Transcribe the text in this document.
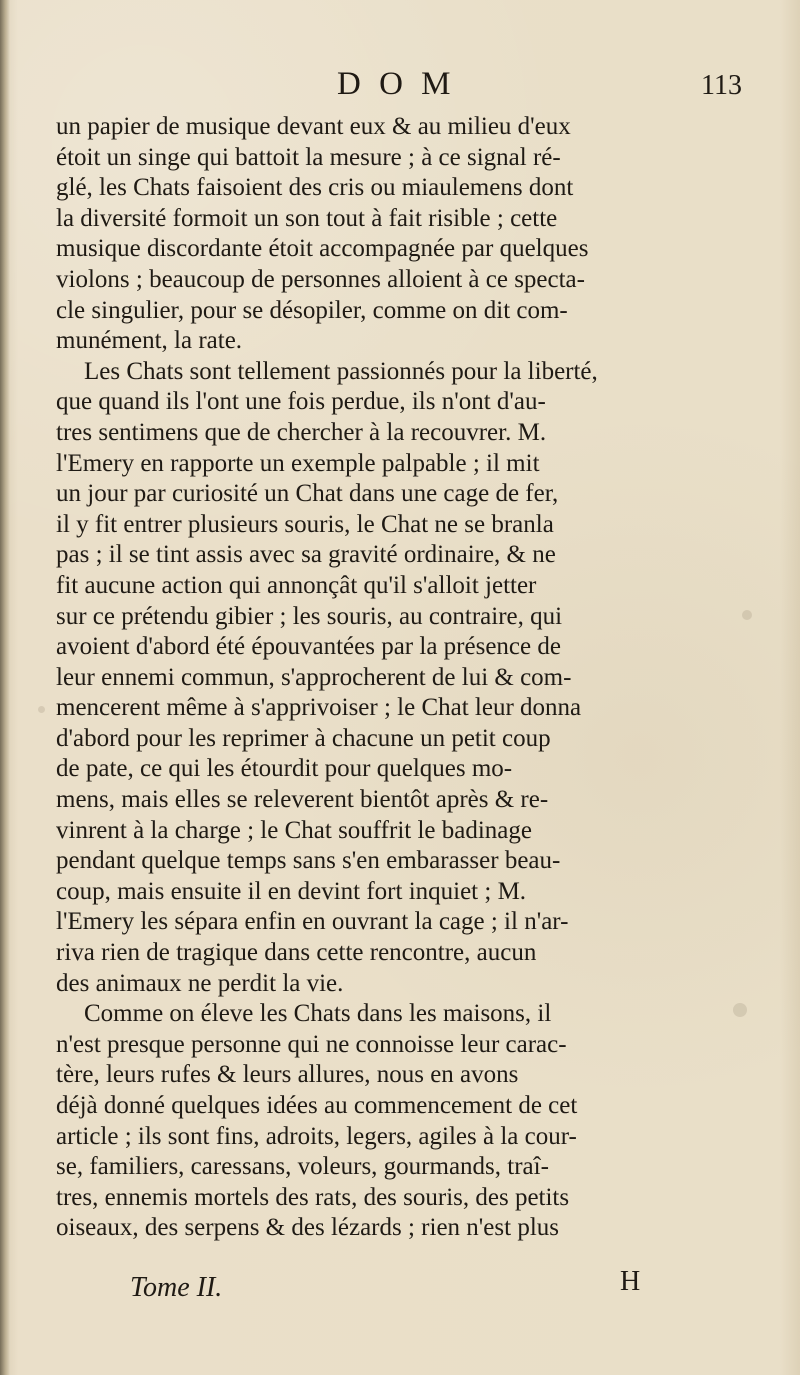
D O M	113
un papier de musique devant eux & au milieu d'eux
étoit un singe qui battoit la mesure ; à ce signal ré-
glé, les Chats faisoient des cris ou miaulemens dont
la diversité formoit un son tout à fait risible ; cette
musique discordante étoit accompagnée par quelques
violons ; beaucoup de personnes alloient à ce specta-
cle singulier, pour se désopiler, comme on dit com-
munément, la rate.
Les Chats sont tellement passionnés pour la liberté,
que quand ils l'ont une fois perdue, ils n'ont d'au-
tres sentimens que de chercher à la recouvrer. M.
l'Emery en rapporte un exemple palpable ; il mit
un jour par curiosité un Chat dans une cage de fer,
il y fit entrer plusieurs souris, le Chat ne se branla
pas ; il se tint assis avec sa gravité ordinaire, & ne
fit aucune action qui annonçât qu'il s'alloit jetter
sur ce prétendu gibier ; les souris, au contraire, qui
avoient d'abord été épouvantées par la présence de
leur ennemi commun, s'approcherent de lui & com-
mencerent même à s'apprivoiser ; le Chat leur donna
d'abord pour les reprimer à chacune un petit coup
de pate, ce qui les étourdit pour quelques mo-
mens, mais elles se releverent bientôt après & re-
vinrent à la charge ; le Chat souffrit le badinage
pendant quelque temps sans s'en embarasser beau-
coup, mais ensuite il en devint fort inquiet ; M.
l'Emery les sépara enfin en ouvrant la cage ; il n'ar-
riva rien de tragique dans cette rencontre, aucun
des animaux ne perdit la vie.
Comme on éleve les Chats dans les maisons, il
n'est presque personne qui ne connoisse leur carac-
tère, leurs rufes & leurs allures, nous en avons
déjà donné quelques idées au commencement de cet
article ; ils sont fins, adroits, legers, agiles à la cour-
se, familiers, caressans, voleurs, gourmands, traî-
tres, ennemis mortels des rats, des souris, des petits
oiseaux, des serpens & des lézards ; rien n'est plus
Tome II.	H
